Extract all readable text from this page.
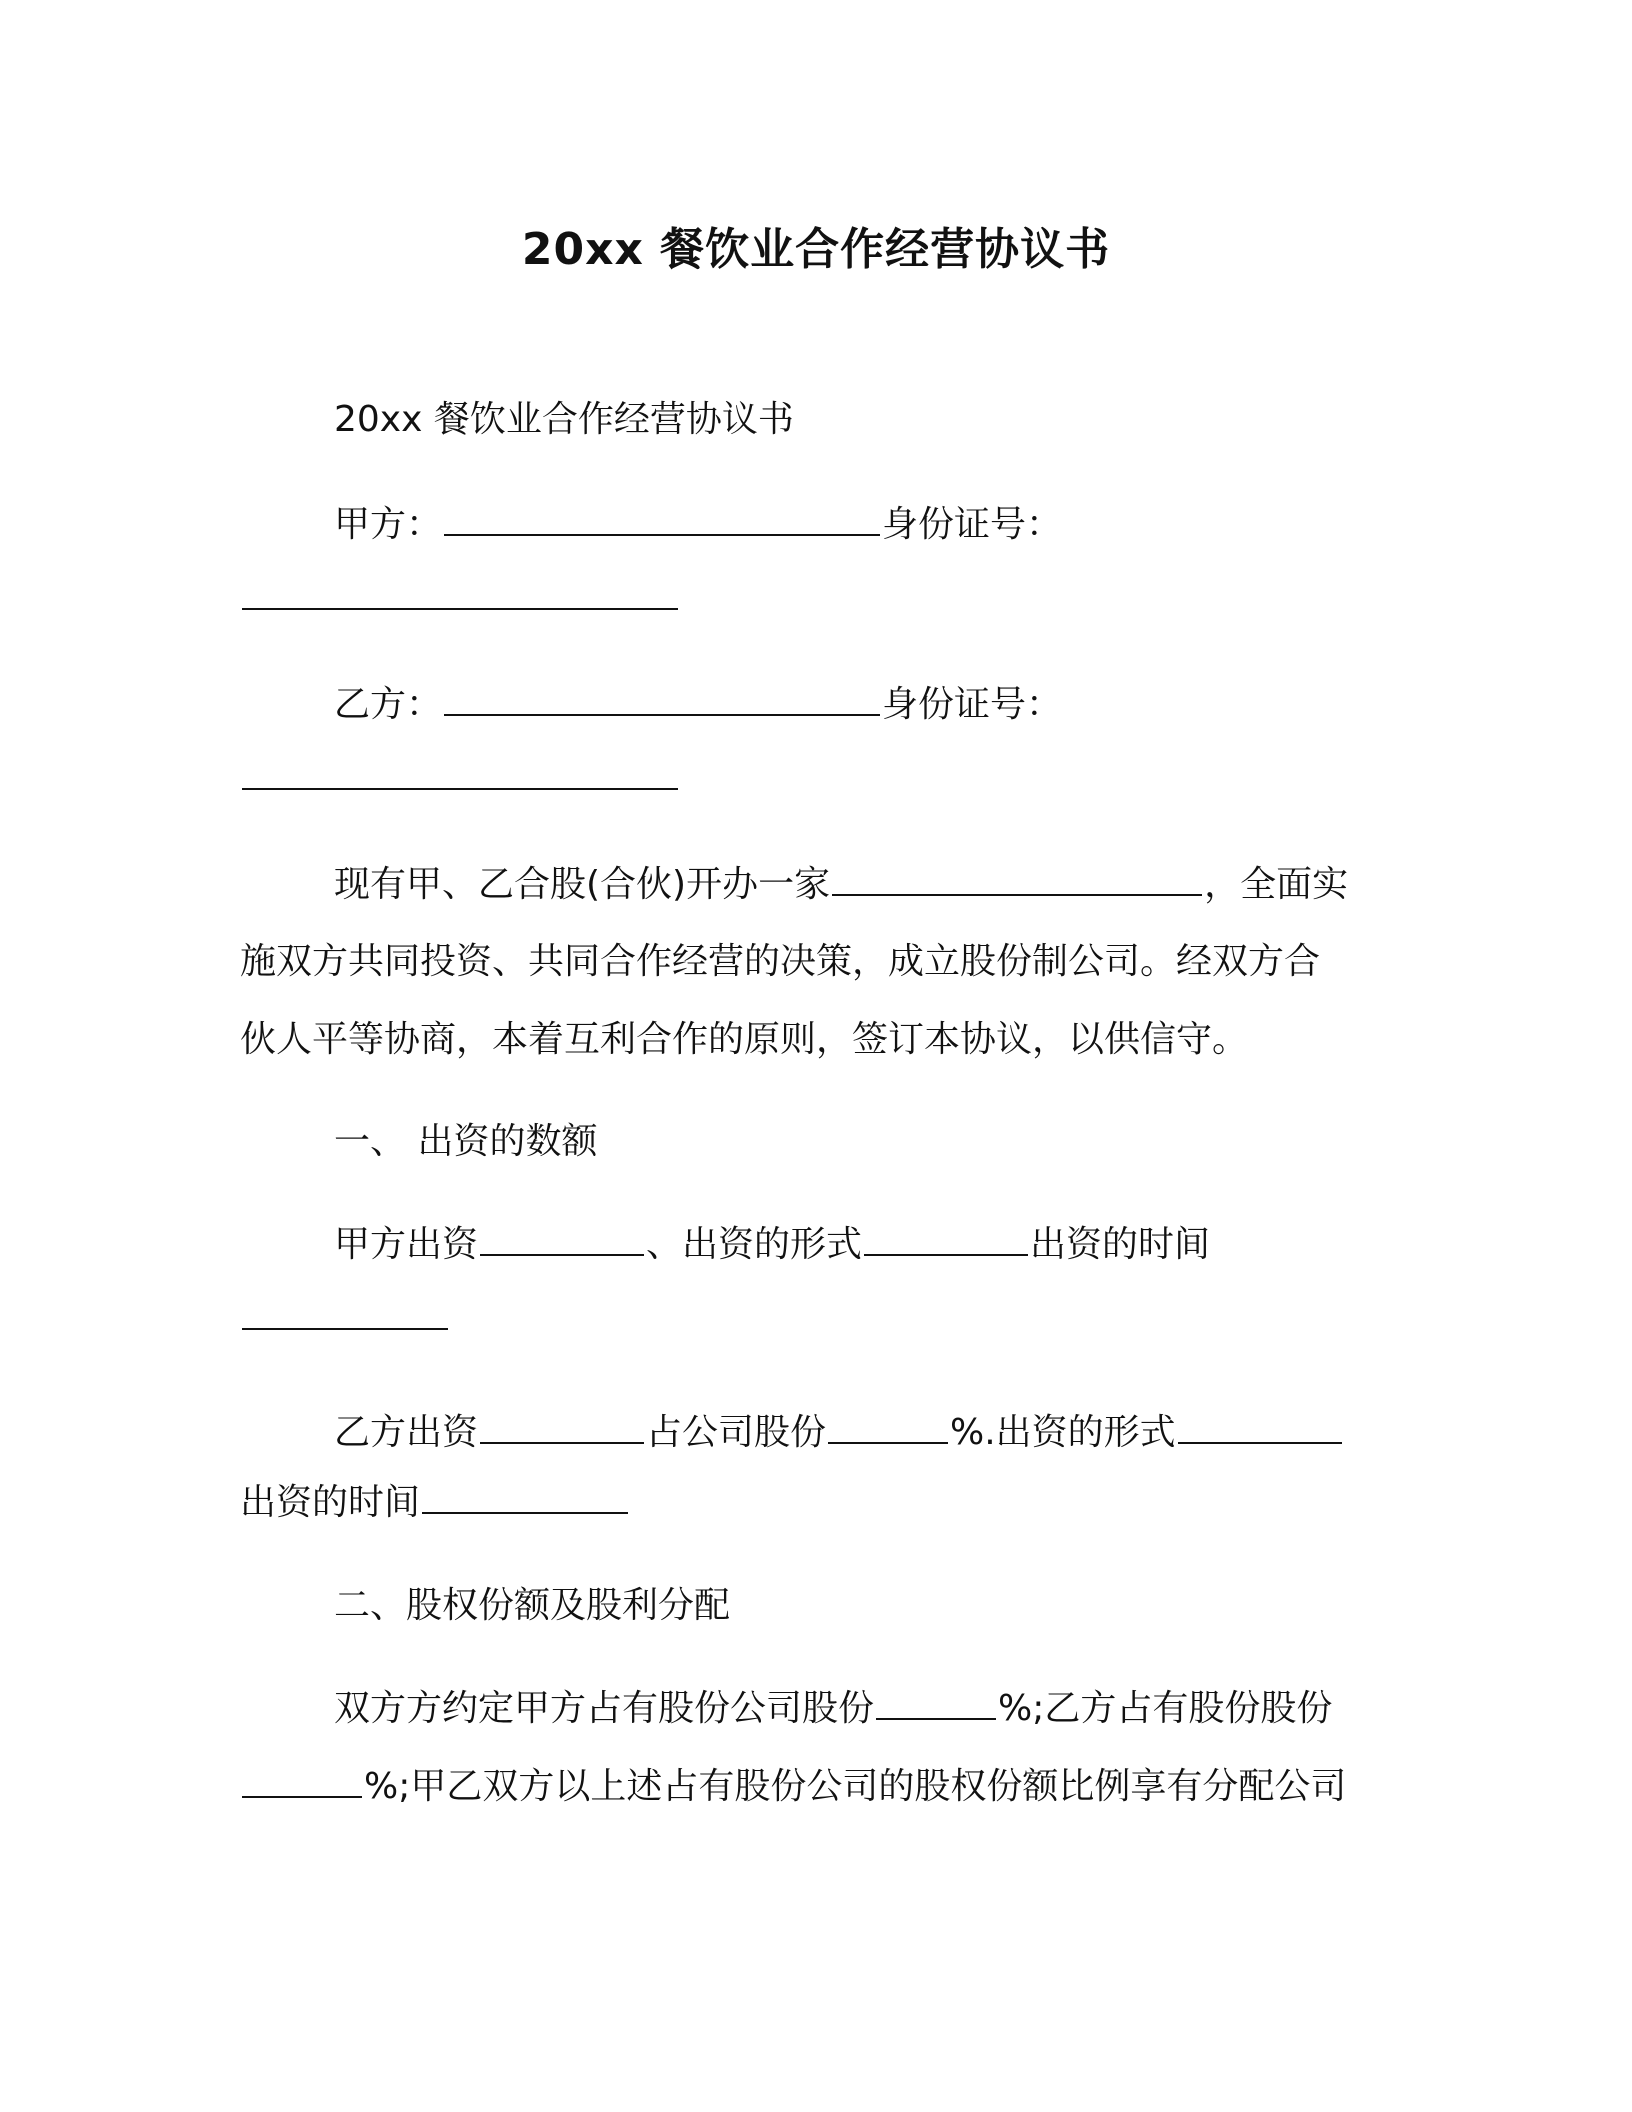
20xx 餐饮业合作经营协议书
20xx 餐饮业合作经营协议书
甲方：	身份证号：
乙方：	身份证号：
现有甲、乙合股(合伙)开办一家	，全面实
施双方共同投资、共同合作经营的决策，成立股份制公司。经双方合
伙人平等协商，本着互利合作的原则，签订本协议，以供信守。
一、 出资的数额
甲方出资	、出资的形式	出资的时间
乙方出资	占公司股份	%.出资的形式
出资的时间
二、股权份额及股利分配
双方方约定甲方占有股份公司股份	%;乙方占有股份股份
%;甲乙双方以上述占有股份公司的股权份额比例享有分配公司
